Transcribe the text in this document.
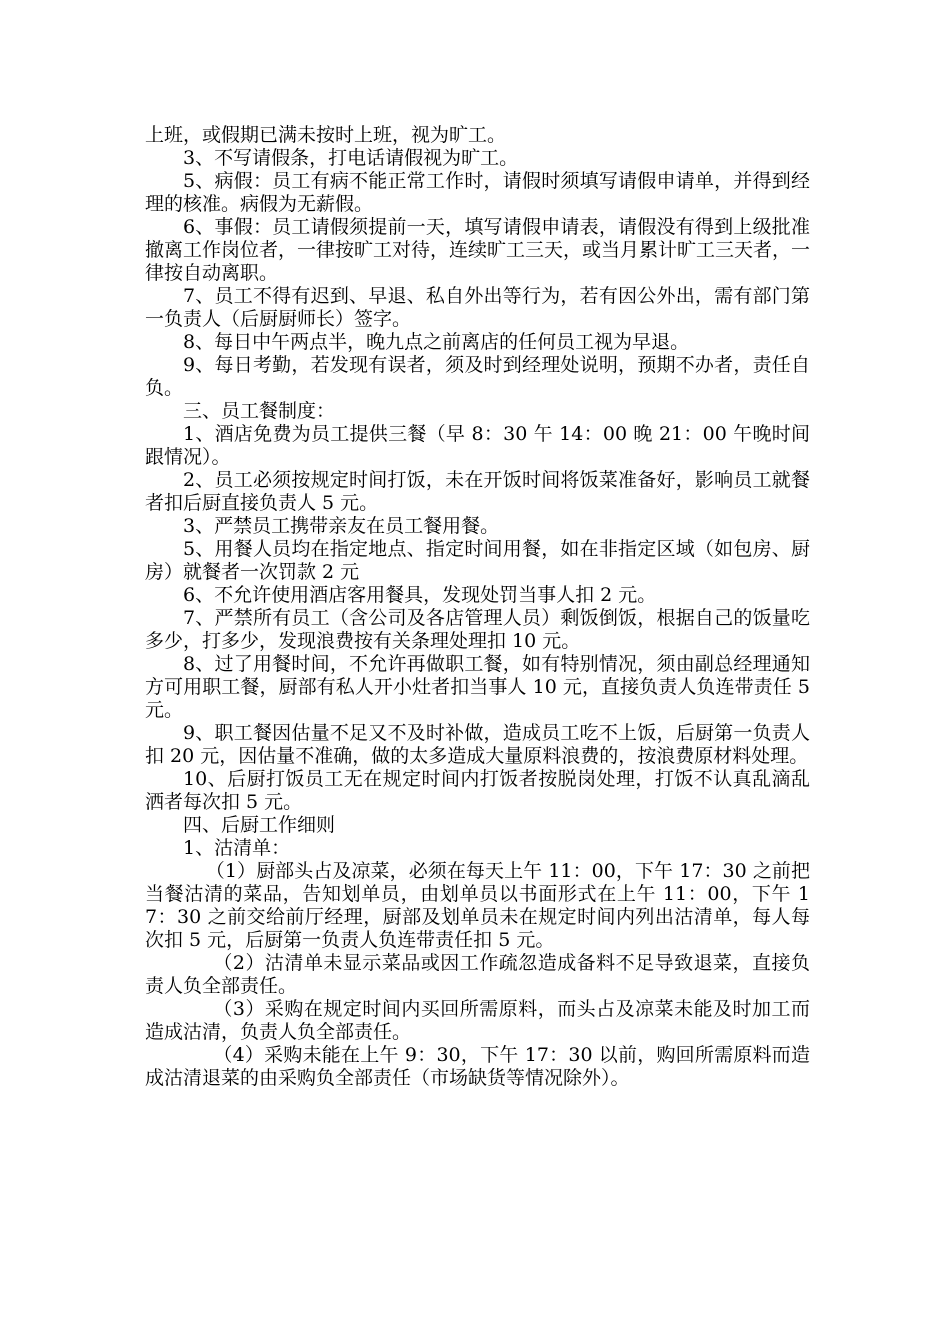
上班，或假期已满未按时上班，视为旷工。

3、不写请假条，打电话请假视为旷工。

5、病假：员工有病不能正常工作时，请假时须填写请假申请单，并得到经理的核准。病假为无薪假。

6、事假：员工请假须提前一天，填写请假申请表，请假没有得到上级批准撤离工作岗位者，一律按旷工对待，连续旷工三天，或当月累计旷工三天者，一律按自动离职。

7、员工不得有迟到、早退、私自外出等行为，若有因公外出，需有部门第一负责人（后厨厨师长）签字。

8、每日中午两点半，晚九点之前离店的任何员工视为早退。

9、每日考勤，若发现有误者，须及时到经理处说明，预期不办者，责任自负。

三、员工餐制度：

1、酒店免费为员工提供三餐（早 8：30 午 14：00 晚 21：00 午晚时间跟情况）。

2、员工必须按规定时间打饭，未在开饭时间将饭菜准备好，影响员工就餐者扣后厨直接负责人 5 元。

3、严禁员工携带亲友在员工餐用餐。

5、用餐人员均在指定地点、指定时间用餐，如在非指定区域（如包房、厨房）就餐者一次罚款 2 元

6、不允许使用酒店客用餐具，发现处罚当事人扣 2 元。

7、严禁所有员工（含公司及各店管理人员）剩饭倒饭，根据自己的饭量吃多少，打多少，发现浪费按有关条理处理扣 10 元。

8、过了用餐时间，不允许再做职工餐，如有特别情况，须由副总经理通知方可用职工餐，厨部有私人开小灶者扣当事人 10 元，直接负责人负连带责任 5 元。

9、职工餐因估量不足又不及时补做，造成员工吃不上饭，后厨第一负责人扣 20 元，因估量不准确，做的太多造成大量原料浪费的，按浪费原材料处理。

10、后厨打饭员工无在规定时间内打饭者按脱岗处理，打饭不认真乱滴乱洒者每次扣 5 元。

四、后厨工作细则

1、沽清单：

（1）厨部头占及凉菜，必须在每天上午 11：00，下午 17：30 之前把当餐沽清的菜品，告知划单员，由划单员以书面形式在上午 11：00，下午 17：30 之前交给前厅经理，厨部及划单员未在规定时间内列出沽清单，每人每次扣 5 元，后厨第一负责人负连带责任扣 5 元。

（2）沽清单未显示菜品或因工作疏忽造成备料不足导致退菜，直接负责人负全部责任。

（3）采购在规定时间内买回所需原料，而头占及凉菜未能及时加工而造成沽清，负责人负全部责任。

（4）采购未能在上午 9：30，下午 17：30 以前，购回所需原料而造成沽清退菜的由采购负全部责任（市场缺货等情况除外）。
